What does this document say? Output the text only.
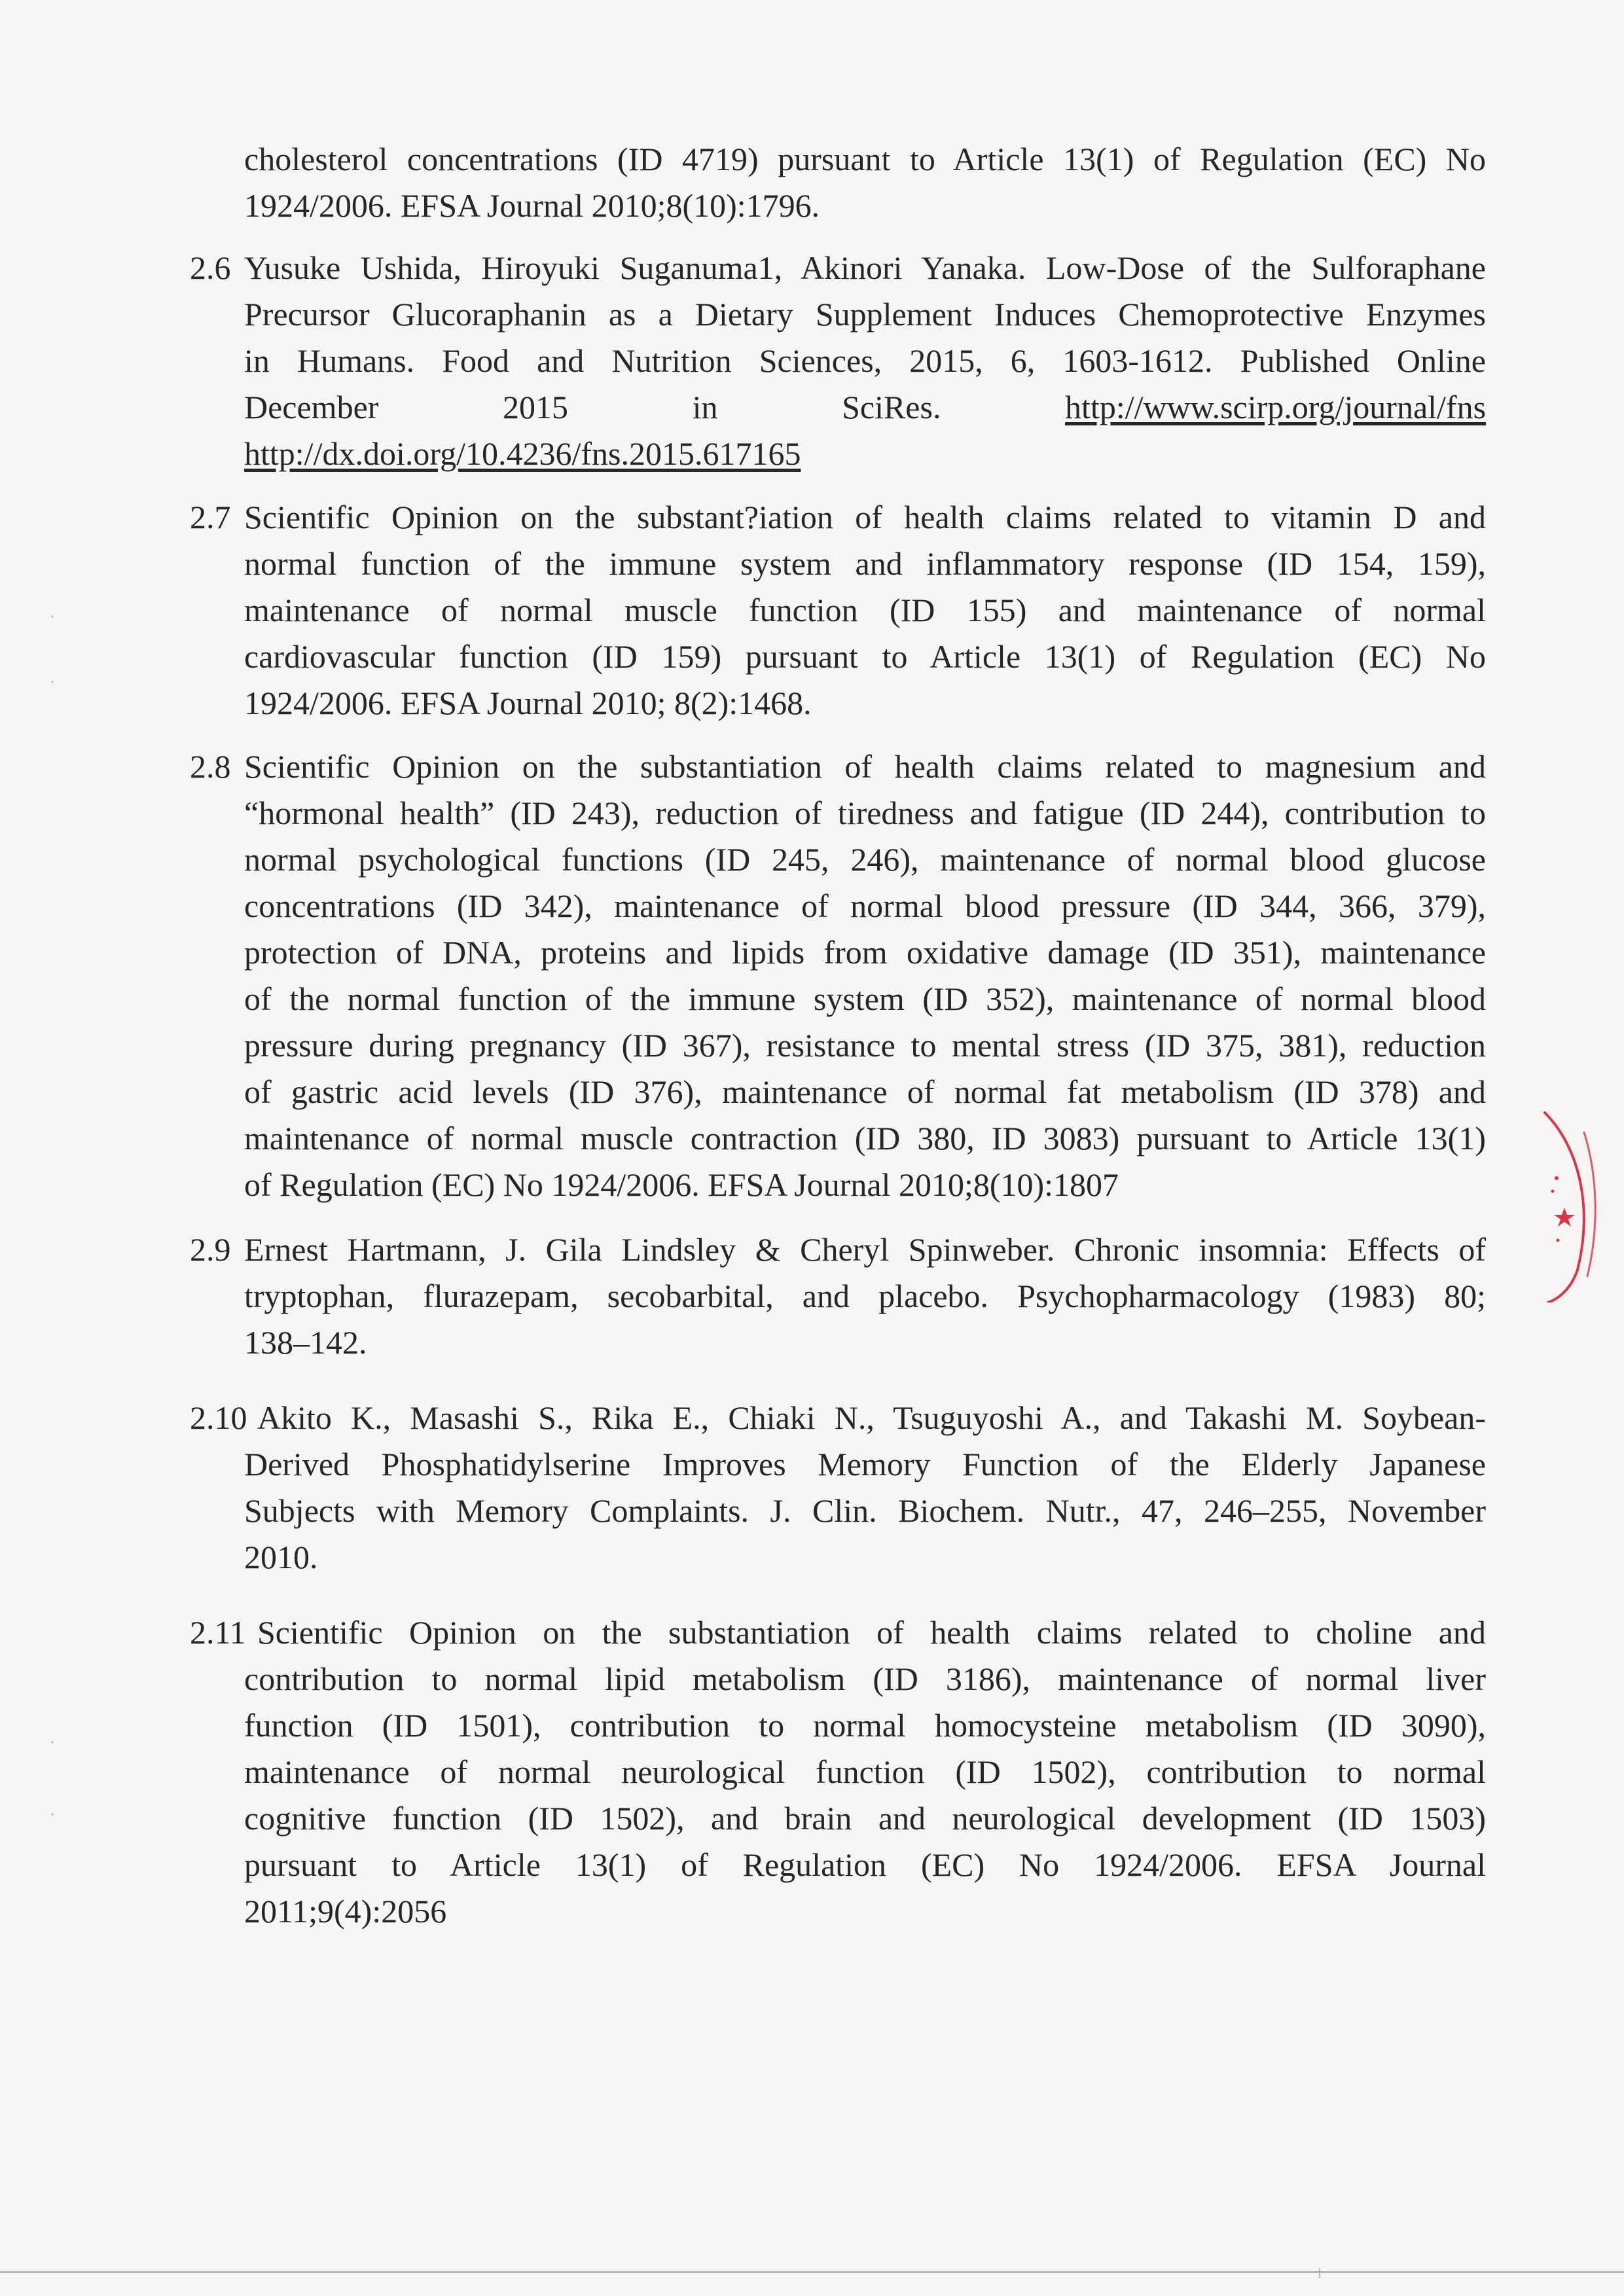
cholesterol concentrations (ID 4719) pursuant to Article 13(1) of Regulation (EC) No
1924/2006. EFSA Journal 2010;8(10):1796.
2.6 Yusuke Ushida, Hiroyuki Suganuma1, Akinori Yanaka. Low-Dose of the Sulforaphane
Precursor Glucoraphanin as a Dietary Supplement Induces Chemoprotective Enzymes
in Humans. Food and Nutrition Sciences, 2015, 6, 1603-1612. Published Online
December	2015	in	SciRes.	http://www.scirp.org/journal/fns
http://dx.doi.org/10.4236/fns.2015.617165
2.7 Scientific Opinion on the substant?iation of health claims related to vitamin D and
normal function of the immune system and inflammatory response (ID 154, 159),
maintenance of normal muscle function (ID 155) and maintenance of normal
cardiovascular function (ID 159) pursuant to Article 13(1) of Regulation (EC) No
1924/2006. EFSA Journal 2010; 8(2):1468.
2.8 Scientific Opinion on the substantiation of health claims related to magnesium and
“hormonal health” (ID 243), reduction of tiredness and fatigue (ID 244), contribution to
normal psychological functions (ID 245, 246), maintenance of normal blood glucose
concentrations (ID 342), maintenance of normal blood pressure (ID 344, 366, 379),
protection of DNA, proteins and lipids from oxidative damage (ID 351), maintenance
of the normal function of the immune system (ID 352), maintenance of normal blood
pressure during pregnancy (ID 367), resistance to mental stress (ID 375, 381), reduction
of gastric acid levels (ID 376), maintenance of normal fat metabolism (ID 378) and
maintenance of normal muscle contraction (ID 380, ID 3083) pursuant to Article 13(1)
of Regulation (EC) No 1924/2006. EFSA Journal 2010;8(10):1807
2.9 Ernest Hartmann, J. Gila Lindsley & Cheryl Spinweber. Chronic insomnia: Effects of
tryptophan, flurazepam, secobarbital, and placebo. Psychopharmacology (1983) 80;
138–142.
2.10 Akito K., Masashi S., Rika E., Chiaki N., Tsuguyoshi A., and Takashi M. Soybean-
Derived Phosphatidylserine Improves Memory Function of the Elderly Japanese
Subjects with Memory Complaints. J. Clin. Biochem. Nutr., 47, 246–255, November
2010.
2.11 Scientific Opinion on the substantiation of health claims related to choline and
contribution to normal lipid metabolism (ID 3186), maintenance of normal liver
function (ID 1501), contribution to normal homocysteine metabolism (ID 3090),
maintenance of normal neurological function (ID 1502), contribution to normal
cognitive function (ID 1502), and brain and neurological development (ID 1503)
pursuant to Article 13(1) of Regulation (EC) No 1924/2006. EFSA Journal
2011;9(4):2056
